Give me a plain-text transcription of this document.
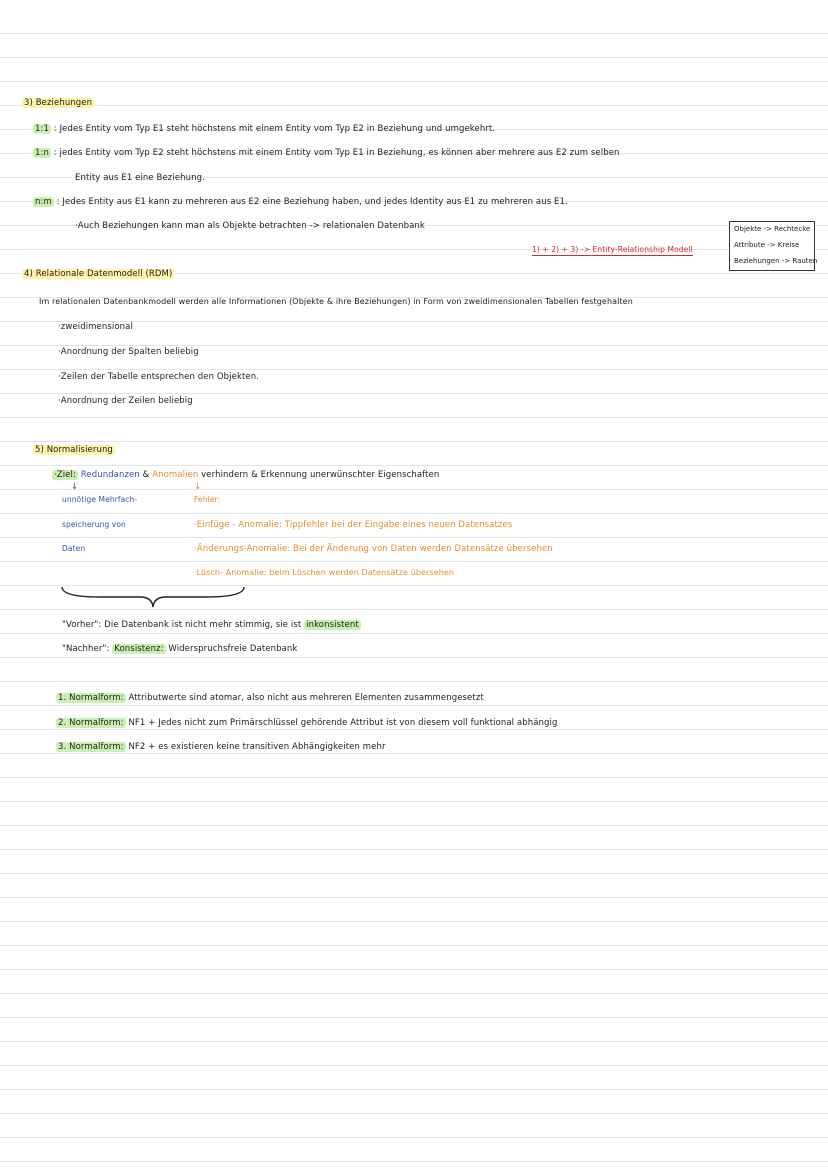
3) Beziehungen
1:1 : Jedes Entity vom Typ E1 steht höchstens mit einem Entity vom Typ E2 in Beziehung und umgekehrt.
1:n : jedes Entity vom Typ E2 steht höchstens mit einem Entity vom Typ E1 in Beziehung, es können aber mehrere aus E2 zum selben
Entity aus E1 eine Beziehung.
n:m : Jedes Entity aus E1 kann zu mehreren aus E2 eine Beziehung haben, und jedes Identity aus E1 zu mehreren aus E1.
·Auch Beziehungen kann man als Objekte betrachten -> relationalen Datenbank
1) + 2) + 3) -> Entity-Relationship Modell
Objekte -> Rechtecke
Attribute -> Kreise
Beziehungen -> Rauten
4) Relationale Datenmodell (RDM)
Im relationalen Datenbankmodell werden alle Informationen (Objekte & ihre Beziehungen) in Form von zweidimensionalen Tabellen festgehalten
·zweidimensional
·Anordnung der Spalten beliebig
·Zeilen der Tabelle entsprechen den Objekten.
·Anordnung der Zeilen beliebig
5) Normalisierung
·Ziel: Redundanzen & Anomalien verhindern & Erkennung unerwünschter Eigenschaften
↓	↓
unnötige Mehrfach-
speicherung von
Daten
Fehler:
·Einfüge - Anomalie: Tippfehler bei der Eingabe eines neuen Datensatzes
·Änderungs-Anomalie: Bei der Änderung von Daten werden Datensätze übersehen
·Lösch- Anomalie: beim Löschen werden Datensätze übersehen
"Vorher": Die Datenbank ist nicht mehr stimmig, sie ist inkonsistent
"Nachher": Konsistenz: Widerspruchsfreie Datenbank
1. Normalform: Attributwerte sind atomar, also nicht aus mehreren Elementen zusammengesetzt
2. Normalform: NF1 + Jedes nicht zum Primärschlüssel gehörende Attribut ist von diesem voll funktional abhängig
3. Normalform: NF2 + es existieren keine transitiven Abhängigkeiten mehr
